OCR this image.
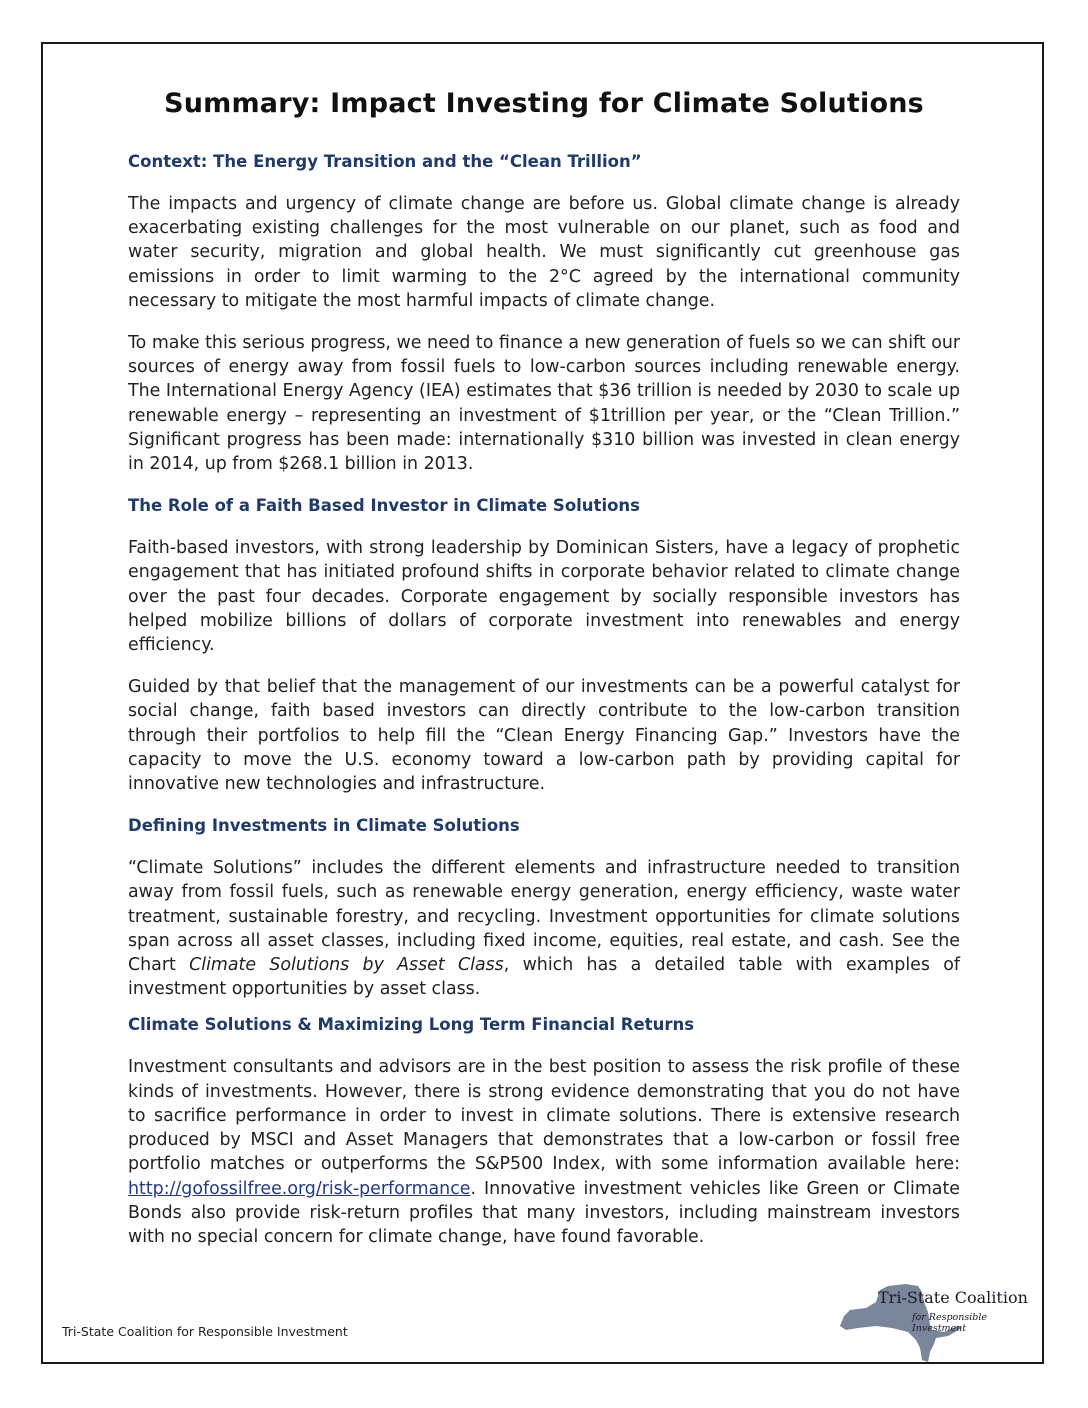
Summary: Impact Investing for Climate Solutions
Context: The Energy Transition and the “Clean Trillion”

The impacts and urgency of climate change are before us. Global climate change is already exacerbating existing challenges for the most vulnerable on our planet, such as food and water security, migration and global health. We must significantly cut greenhouse gas emissions in order to limit warming to the 2°C agreed by the international community necessary to mitigate the most harmful impacts of climate change.

To make this serious progress, we need to finance a new generation of fuels so we can shift our sources of energy away from fossil fuels to low-carbon sources including renewable energy. The International Energy Agency (IEA) estimates that $36 trillion is needed by 2030 to scale up renewable energy – representing an investment of $1trillion per year, or the “Clean Trillion.” Significant progress has been made: internationally $310 billion was invested in clean energy in 2014, up from $268.1 billion in 2013.

The Role of a Faith Based Investor in Climate Solutions

Faith-based investors, with strong leadership by Dominican Sisters, have a legacy of prophetic engagement that has initiated profound shifts in corporate behavior related to climate change over the past four decades. Corporate engagement by socially responsible investors has helped mobilize billions of dollars of corporate investment into renewables and energy efficiency.

Guided by that belief that the management of our investments can be a powerful catalyst for social change, faith based investors can directly contribute to the low-carbon transition through their portfolios to help fill the “Clean Energy Financing Gap.” Investors have the capacity to move the U.S. economy toward a low-carbon path by providing capital for innovative new technologies and infrastructure.

Defining Investments in Climate Solutions

“Climate Solutions” includes the different elements and infrastructure needed to transition away from fossil fuels, such as renewable energy generation, energy efficiency, waste water treatment, sustainable forestry, and recycling. Investment opportunities for climate solutions span across all asset classes, including fixed income, equities, real estate, and cash. See the Chart Climate Solutions by Asset Class, which has a detailed table with examples of investment opportunities by asset class.

Climate Solutions & Maximizing Long Term Financial Returns

Investment consultants and advisors are in the best position to assess the risk profile of these kinds of investments. However, there is strong evidence demonstrating that you do not have to sacrifice performance in order to invest in climate solutions. There is extensive research produced by MSCI and Asset Managers that demonstrates that a low-carbon or fossil free portfolio matches or outperforms the S&P500 Index, with some information available here: http://gofossilfree.org/risk-performance. Innovative investment vehicles like Green or Climate Bonds also provide risk-return profiles that many investors, including mainstream investors with no special concern for climate change, have found favorable.

Tri-State Coalition for Responsible Investment
Tri-State Coalition
for Responsible Investment
